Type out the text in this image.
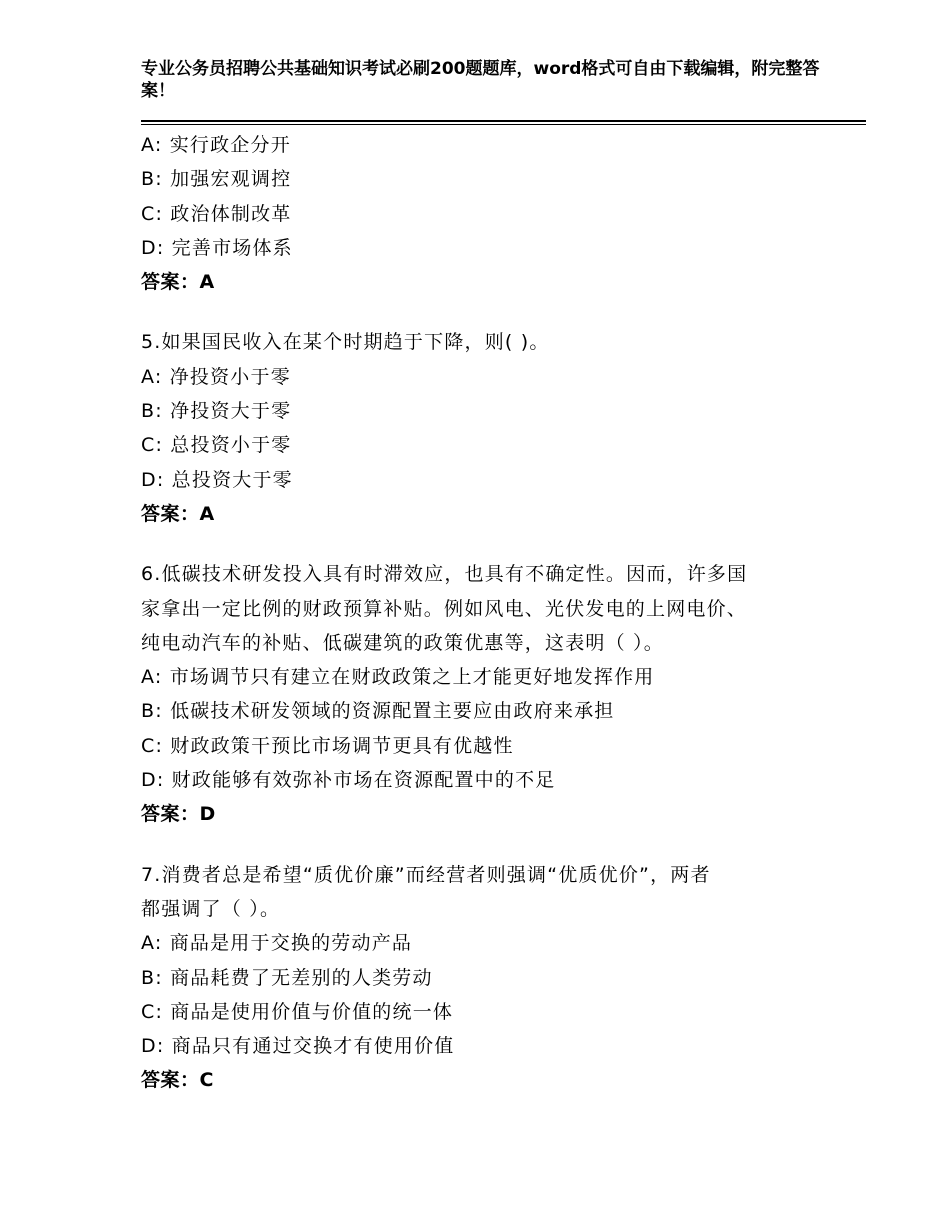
专业公务员招聘公共基础知识考试必刷200题题库，word格式可自由下载编辑，附完整答案！
A: 实行政企分开
B: 加强宏观调控
C: 政治体制改革
D: 完善市场体系
答案：A
5.如果国民收入在某个时期趋于下降，则( )。
A: 净投资小于零
B: 净投资大于零
C: 总投资小于零
D: 总投资大于零
答案：A
6.低碳技术研发投入具有时滞效应，也具有不确定性。因而，许多国
家拿出一定比例的财政预算补贴。例如风电、光伏发电的上网电价、
纯电动汽车的补贴、低碳建筑的政策优惠等，这表明（ ）。
A: 市场调节只有建立在财政政策之上才能更好地发挥作用
B: 低碳技术研发领域的资源配置主要应由政府来承担
C: 财政政策干预比市场调节更具有优越性
D: 财政能够有效弥补市场在资源配置中的不足
答案：D
7.消费者总是希望“质优价廉”而经营者则强调“优质优价”，两者
都强调了（ ）。
A: 商品是用于交换的劳动产品
B: 商品耗费了无差别的人类劳动
C: 商品是使用价值与价值的统一体
D: 商品只有通过交换才有使用价值
答案：C
